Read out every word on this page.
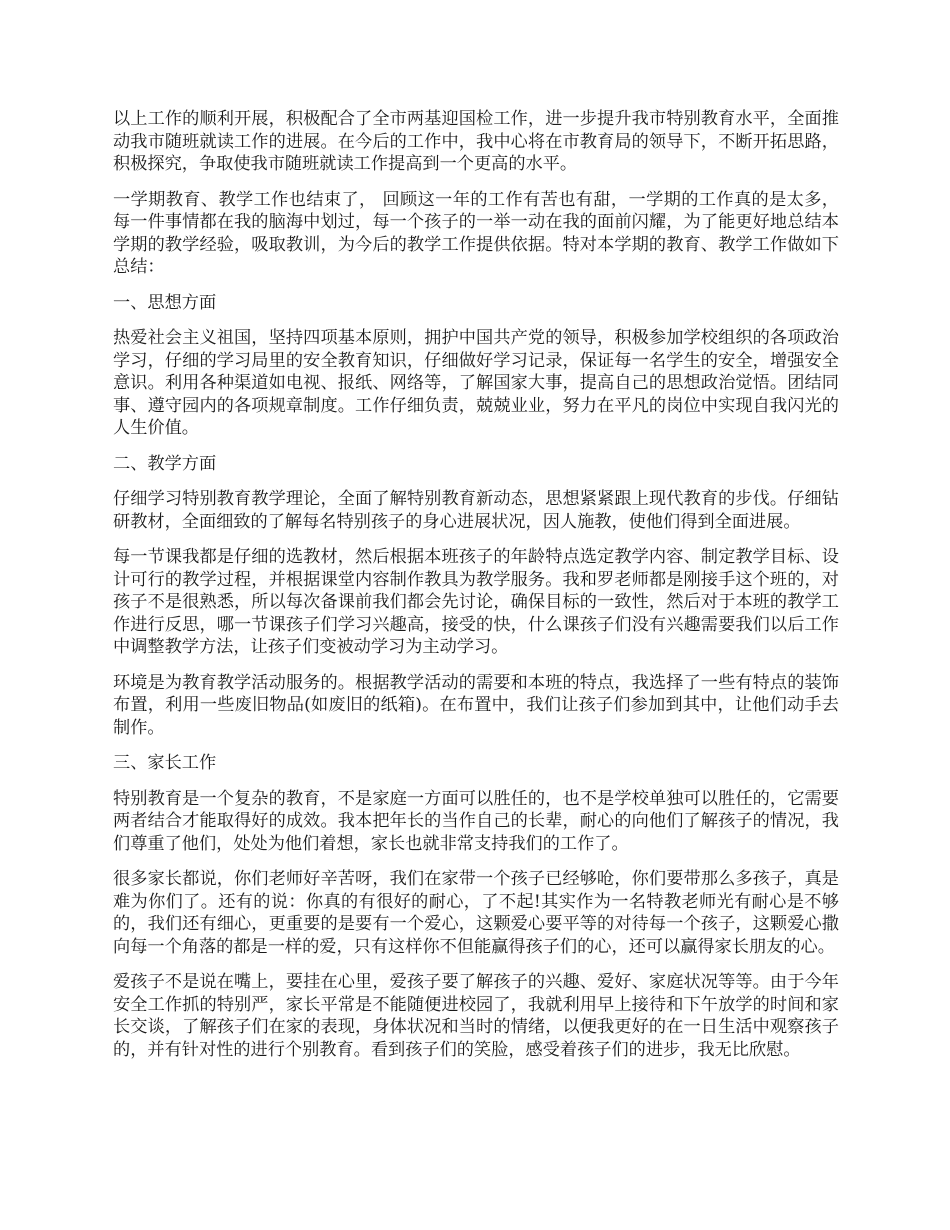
以上工作的顺利开展，积极配合了全市两基迎国检工作，进一步提升我市特别教育水平，全面推动我市随班就读工作的进展。在今后的工作中，我中心将在市教育局的领导下，不断开拓思路，积极探究，争取使我市随班就读工作提高到一个更高的水平。

一学期教育、教学工作也结束了， 回顾这一年的工作有苦也有甜，一学期的工作真的是太多，每一件事情都在我的脑海中划过，每一个孩子的一举一动在我的面前闪耀，为了能更好地总结本学期的教学经验，吸取教训，为今后的教学工作提供依据。特对本学期的教育、教学工作做如下总结：

一、思想方面

热爱社会主义祖国，坚持四项基本原则，拥护中国共产党的领导，积极参加学校组织的各项政治学习，仔细的学习局里的安全教育知识，仔细做好学习记录，保证每一名学生的安全，增强安全意识。利用各种渠道如电视、报纸、网络等，了解国家大事，提高自己的思想政治觉悟。团结同事、遵守园内的各项规章制度。工作仔细负责，兢兢业业，努力在平凡的岗位中实现自我闪光的人生价值。

二、教学方面

仔细学习特别教育教学理论，全面了解特别教育新动态，思想紧紧跟上现代教育的步伐。仔细钻研教材，全面细致的了解每名特别孩子的身心进展状况，因人施教，使他们得到全面进展。

每一节课我都是仔细的选教材，然后根据本班孩子的年龄特点选定教学内容、制定教学目标、设计可行的教学过程，并根据课堂内容制作教具为教学服务。我和罗老师都是刚接手这个班的，对孩子不是很熟悉，所以每次备课前我们都会先讨论，确保目标的一致性，然后对于本班的教学工作进行反思，哪一节课孩子们学习兴趣高，接受的快，什么课孩子们没有兴趣需要我们以后工作中调整教学方法，让孩子们变被动学习为主动学习。

环境是为教育教学活动服务的。根据教学活动的需要和本班的特点，我选择了一些有特点的装饰布置，利用一些废旧物品(如废旧的纸箱)。在布置中，我们让孩子们参加到其中，让他们动手去制作。

三、家长工作

特别教育是一个复杂的教育，不是家庭一方面可以胜任的，也不是学校单独可以胜任的，它需要两者结合才能取得好的成效。我本把年长的当作自己的长辈，耐心的向他们了解孩子的情况，我们尊重了他们，处处为他们着想，家长也就非常支持我们的工作了。

很多家长都说，你们老师好辛苦呀，我们在家带一个孩子已经够呛，你们要带那么多孩子，真是难为你们了。还有的说：你真的有很好的耐心，了不起!其实作为一名特教老师光有耐心是不够的，我们还有细心，更重要的是要有一个爱心，这颗爱心要平等的对待每一个孩子，这颗爱心撒向每一个角落的都是一样的爱，只有这样你不但能赢得孩子们的心，还可以赢得家长朋友的心。

爱孩子不是说在嘴上，要挂在心里，爱孩子要了解孩子的兴趣、爱好、家庭状况等等。由于今年安全工作抓的特别严，家长平常是不能随便进校园了，我就利用早上接待和下午放学的时间和家长交谈，了解孩子们在家的表现，身体状况和当时的情绪，以便我更好的在一日生活中观察孩子的，并有针对性的进行个别教育。看到孩子们的笑脸，感受着孩子们的进步，我无比欣慰。
